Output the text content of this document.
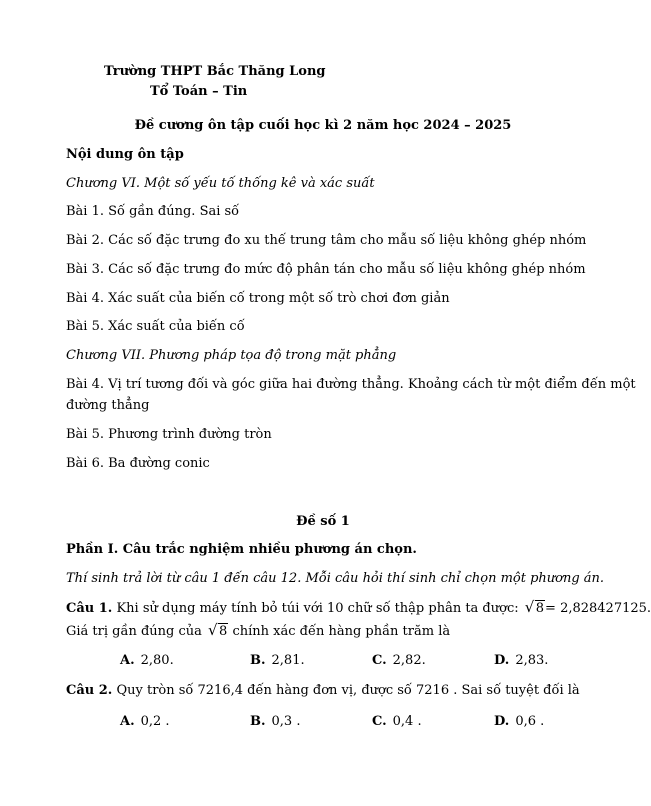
Trường THPT Bắc Thăng Long
Tổ Toán – Tin
Đề cương ôn tập cuối học kì 2 năm học 2024 – 2025
Nội dung ôn tập
Chương VI. Một số yếu tố thống kê và xác suất
Bài 1. Số gần đúng. Sai số
Bài 2. Các số đặc trưng đo xu thế trung tâm cho mẫu số liệu không ghép nhóm
Bài 3. Các số đặc trưng đo mức độ phân tán cho mẫu số liệu không ghép nhóm
Bài 4. Xác suất của biến cố trong một số trò chơi đơn giản
Bài 5. Xác suất của biến cố
Chương VII. Phương pháp tọa độ trong mặt phẳng
Bài 4. Vị trí tương đối và góc giữa hai đường thẳng. Khoảng cách từ một điểm đến một
đường thẳng
Bài 5. Phương trình đường tròn
Bài 6. Ba đường conic
Đề số 1
Phần I. Câu trắc nghiệm nhiều phương án chọn.
Thí sinh trả lời từ câu 1 đến câu 12. Mỗi câu hỏi thí sinh chỉ chọn một phương án.
Câu 1. Khi sử dụng máy tính bỏ túi với 10 chữ số thập phân ta được: √ 8= 2,828427125.
Giá trị gần đúng của √ 8 chính xác đến hàng phần trăm là
A. 2,80.	B. 2,81.	C. 2,82.	D. 2,83.
Câu 2. Quy tròn số 7216,4 đến hàng đơn vị, được số 7216 . Sai số tuyệt đối là
A. 0,2 .	B. 0,3 .	C. 0,4 .	D. 0,6 .
